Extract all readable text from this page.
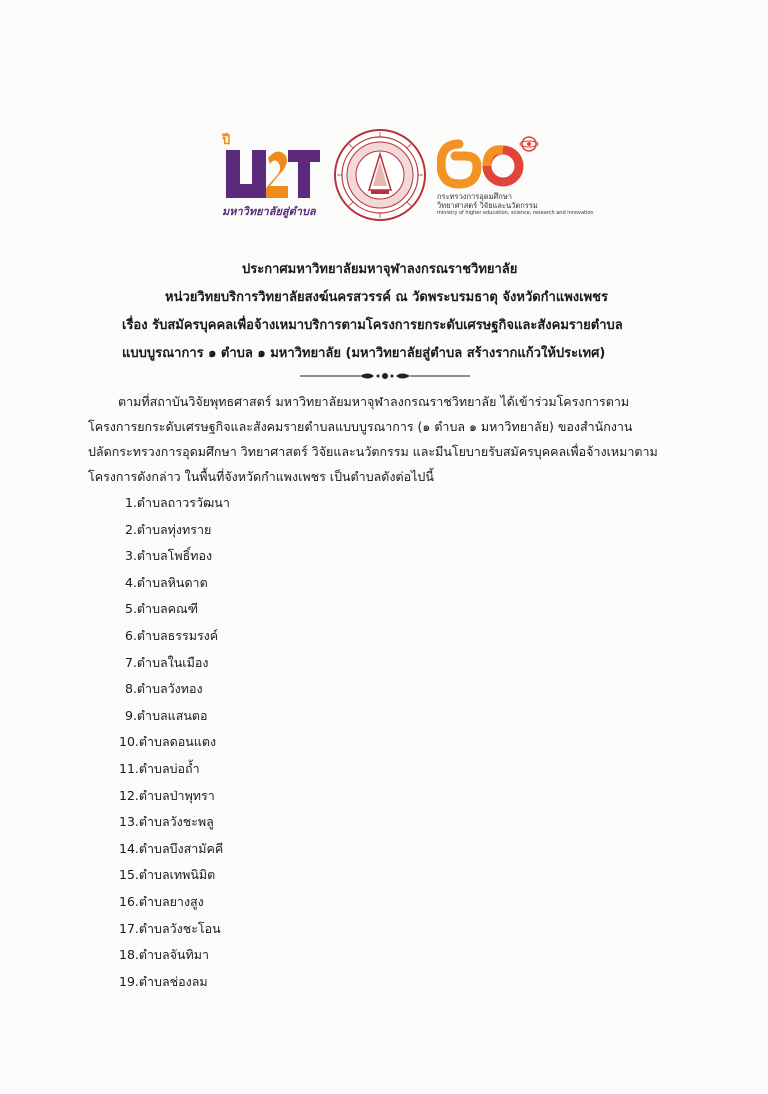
ปี
มหาวิทยาลัยสู่ตำบล
กระทรวงการอุดมศึกษา
วิทยาศาสตร์ วิจัยและนวัตกรรม
ministry of higher education, science, research and innovation
ประกาศมหาวิทยาลัยมหาจุฬาลงกรณราชวิทยาลัย
หน่วยวิทยบริการวิทยาลัยสงฆ์นครสวรรค์ ณ วัดพระบรมธาตุ จังหวัดกำแพงเพชร
เรื่อง รับสมัครบุคคลเพื่อจ้างเหมาบริการตามโครงการยกระดับเศรษฐกิจและสังคมรายตำบล
แบบบูรณาการ ๑ ตำบล ๑ มหาวิทยาลัย (มหาวิทยาลัยสู่ตำบล สร้างรากแก้วให้ประเทศ)
ตามที่สถาบันวิจัยพุทธศาสตร์ มหาวิทยาลัยมหาจุฬาลงกรณราชวิทยาลัย ได้เข้าร่วมโครงการตาม
โครงการยกระดับเศรษฐกิจและสังคมรายตำบลแบบบูรณาการ (๑ ตำบล ๑ มหาวิทยาลัย) ของสำนักงาน
ปลัดกระทรวงการอุดมศึกษา วิทยาศาสตร์ วิจัยและนวัตกรรม และมีนโยบายรับสมัครบุคคลเพื่อจ้างเหมาตาม
โครงการดังกล่าว ในพื้นที่จังหวัดกำแพงเพชร เป็นตำบลดังต่อไปนี้
1.ตำบลถาวรวัฒนา
2.ตำบลทุ่งทราย
3.ตำบลโพธิ์ทอง
4.ตำบลหินดาต
5.ตำบลคณฑี
6.ตำบลธรรมรงค์
7.ตำบลในเมือง
8.ตำบลวังทอง
9.ตำบลแสนตอ
10.ตำบลดอนแตง
11.ตำบลบ่อถ้ำ
12.ตำบลป่าพุทรา
13.ตำบลวังชะพลู
14.ตำบลบึงสามัคคี
15.ตำบลเทพนิมิต
16.ตำบลยางสูง
17.ตำบลวังชะโอน
18.ตำบลจันทิมา
19.ตำบลช่องลม
